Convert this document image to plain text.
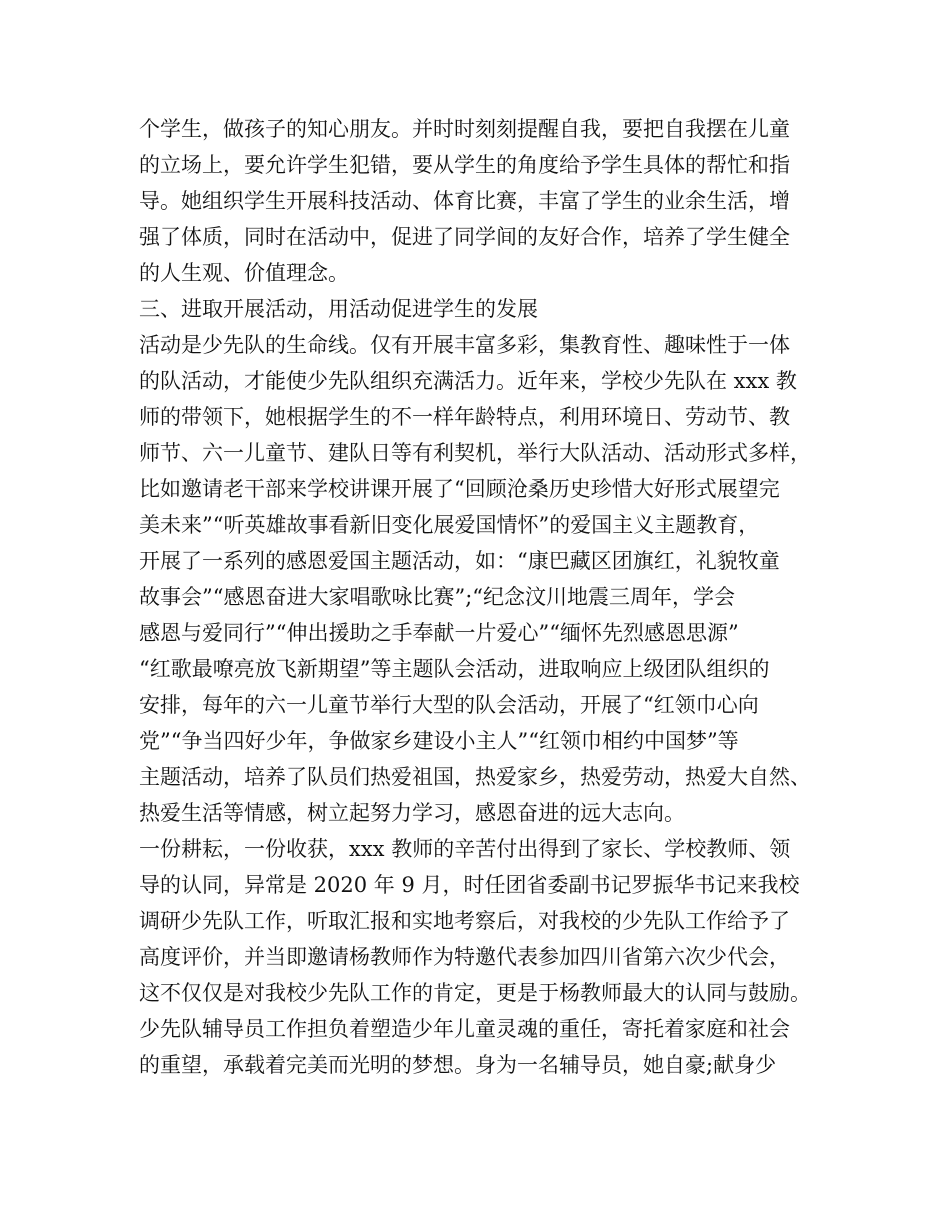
个学生，做孩子的知心朋友。并时时刻刻提醒自我，要把自我摆在儿童
的立场上，要允许学生犯错，要从学生的角度给予学生具体的帮忙和指
导。她组织学生开展科技活动、体育比赛，丰富了学生的业余生活，增
强了体质，同时在活动中，促进了同学间的友好合作，培养了学生健全
的人生观、价值理念。
三、进取开展活动，用活动促进学生的发展
活动是少先队的生命线。仅有开展丰富多彩，集教育性、趣味性于一体
的队活动，才能使少先队组织充满活力。近年来，学校少先队在 xxx 教
师的带领下，她根据学生的不一样年龄特点，利用环境日、劳动节、教
师节、六一儿童节、建队日等有利契机，举行大队活动、活动形式多样，
比如邀请老干部来学校讲课开展了“回顾沧桑历史珍惜大好形式展望完
美未来”“听英雄故事看新旧变化展爱国情怀”的爱国主义主题教育，
开展了一系列的感恩爱国主题活动，如：“康巴藏区团旗红，礼貌牧童
故事会”“感恩奋进大家唱歌咏比赛”;“纪念汶川地震三周年，学会
感恩与爱同行”“伸出援助之手奉献一片爱心”“缅怀先烈感恩思源”
“红歌最嘹亮放飞新期望”等主题队会活动，进取响应上级团队组织的
安排，每年的六一儿童节举行大型的队会活动，开展了“红领巾心向
党”“争当四好少年，争做家乡建设小主人”“红领巾相约中国梦”等
主题活动，培养了队员们热爱祖国，热爱家乡，热爱劳动，热爱大自然、
热爱生活等情感，树立起努力学习，感恩奋进的远大志向。
一份耕耘，一份收获，xxx 教师的辛苦付出得到了家长、学校教师、领
导的认同，异常是 2020 年 9 月，时任团省委副书记罗振华书记来我校
调研少先队工作，听取汇报和实地考察后，对我校的少先队工作给予了
高度评价，并当即邀请杨教师作为特邀代表参加四川省第六次少代会，
这不仅仅是对我校少先队工作的肯定，更是于杨教师最大的认同与鼓励。
少先队辅导员工作担负着塑造少年儿童灵魂的重任，寄托着家庭和社会
的重望，承载着完美而光明的梦想。身为一名辅导员，她自豪;献身少
